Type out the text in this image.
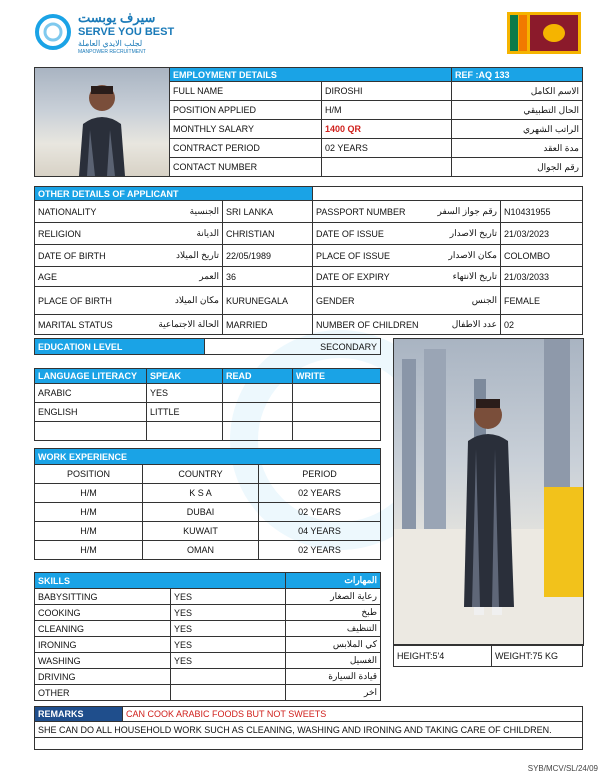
سيرف يوبست
SERVE YOU BEST
لجلب الايدي العاملة
MANPOWER RECRUITMENT
EMPLOYMENT DETAILS		REF :AQ 133
FULL NAME	DIROSHI	الاسم الكامل
POSITION APPLIED	H/M	الحال التطبيقي
MONTHLY SALARY	1400 QR	الراتب الشهري
CONTRACT PERIOD	02 YEARS	مدة العقد
CONTACT NUMBER		رقم الجوال
OTHER DETAILS OF APPLICANT			

NATIONALITY الجنسية	SRI LANKA	PASSPORT NUMBER رقم جواز السفر	N10431955

RELIGION الديانة	CHRISTIAN	DATE OF ISSUE تاريخ الاصدار	21/03/2023

DATE OF BIRTH تاريخ الميلاد	22/05/1989	PLACE OF ISSUE مكان الاصدار	COLOMBO

AGE العمر	36	DATE OF EXPIRY تاريخ الانتهاء	21/03/2033

PLACE OF BIRTH مكان الميلاد	KURUNEGALA	GENDER الجنس	FEMALE

MARITAL STATUS الحالة الاجتماعية	MARRIED	NUMBER OF CHILDREN عدد الاطفال	02
EDUCATION LEVEL	SECONDARY
LANGUAGE LITERACY	SPEAK	READ	WRITE
ARABIC	YES		
ENGLISH	LITTLE		

WORK EXPERIENCE		
POSITION	COUNTRY	PERIOD
H/M	K S A	02 YEARS
H/M	DUBAI	02 YEARS
H/M	KUWAIT	04 YEARS
H/M	OMAN	02 YEARS
SKILLS		المهارات
BABYSITTING	YES	رعاية الصغار
COOKING	YES	طبخ
CLEANING	YES	التنظيف
IRONING	YES	كي الملابس
WASHING	YES	الغسيل
DRIVING		قيادة السيارة
OTHER		اخر
HEIGHT:5'4	WEIGHT:75 KG
REMARKS	CAN COOK ARABIC FOODS BUT NOT SWEETS
SHE CAN DO ALL HOUSEHOLD WORK SUCH AS CLEANING, WASHING AND IRONING AND TAKING CARE OF CHILDREN.

SYB/MCV/SL/24/09
